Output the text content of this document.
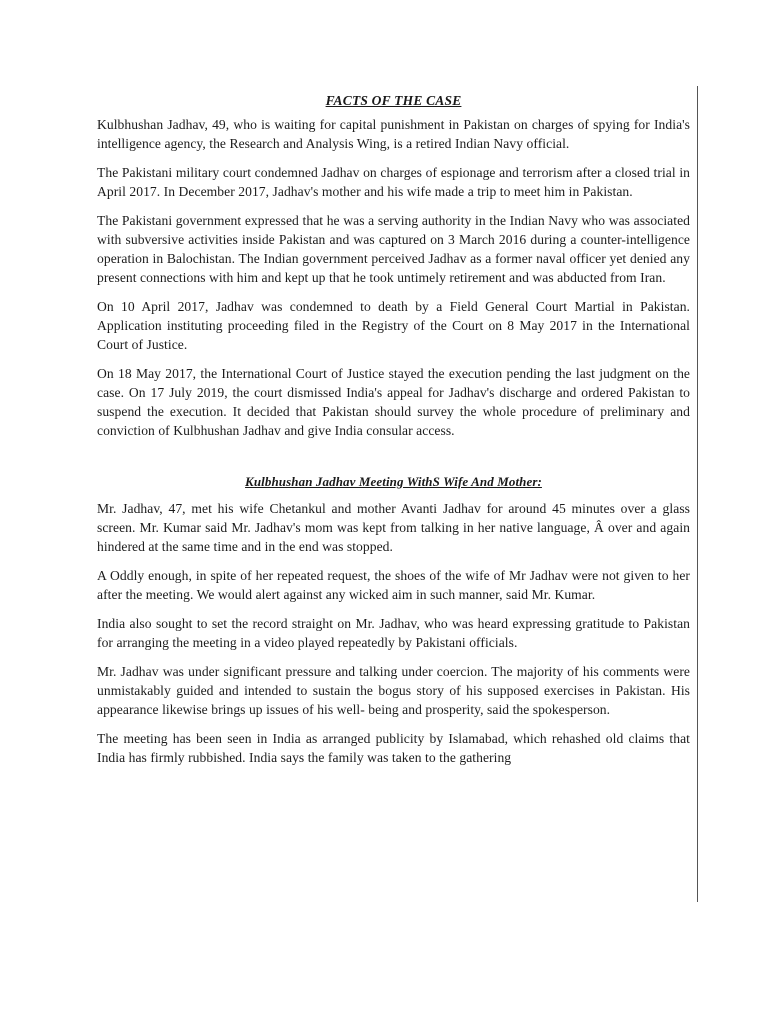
FACTS OF THE CASE

Kulbhushan Jadhav, 49, who is waiting for capital punishment in Pakistan on charges of spying for India's intelligence agency, the Research and Analysis Wing, is a retired Indian Navy official.

The Pakistani military court condemned Jadhav on charges of espionage and terrorism after a closed trial in April 2017. In December 2017, Jadhav's mother and his wife made a trip to meet him in Pakistan.

The Pakistani government expressed that he was a serving authority in the Indian Navy who was associated with subversive activities inside Pakistan and was captured on 3 March 2016 during a counter-intelligence operation in Balochistan. The Indian government perceived Jadhav as a former naval officer yet denied any present connections with him and kept up that he took untimely retirement and was abducted from Iran.

On 10 April 2017, Jadhav was condemned to death by a Field General Court Martial in Pakistan. Application instituting proceeding filed in the Registry of the Court on 8 May 2017 in the International Court of Justice.

On 18 May 2017, the International Court of Justice stayed the execution pending the last judgment on the case. On 17 July 2019, the court dismissed India's appeal for Jadhav's discharge and ordered Pakistan to suspend the execution. It decided that Pakistan should survey the whole procedure of preliminary and conviction of Kulbhushan Jadhav and give India consular access.

Kulbhushan Jadhav Meeting WithS Wife And Mother:

Mr. Jadhav, 47, met his wife Chetankul and mother Avanti Jadhav for around 45 minutes over a glass screen. Mr. Kumar said Mr. Jadhav's mom was kept from talking in her native language, Â over and again hindered at the same time and in the end was stopped.

A Oddly enough, in spite of her repeated request, the shoes of the wife of Mr Jadhav were not given to her after the meeting. We would alert against any wicked aim in such manner, said Mr. Kumar.

India also sought to set the record straight on Mr. Jadhav, who was heard expressing gratitude to Pakistan for arranging the meeting in a video played repeatedly by Pakistani officials.

Mr. Jadhav was under significant pressure and talking under coercion. The majority of his comments were unmistakably guided and intended to sustain the bogus story of his supposed exercises in Pakistan. His appearance likewise brings up issues of his well- being and prosperity, said the spokesperson.

The meeting has been seen in India as arranged publicity by Islamabad, which rehashed old claims that India has firmly rubbished. India says the family was taken to the gathering
